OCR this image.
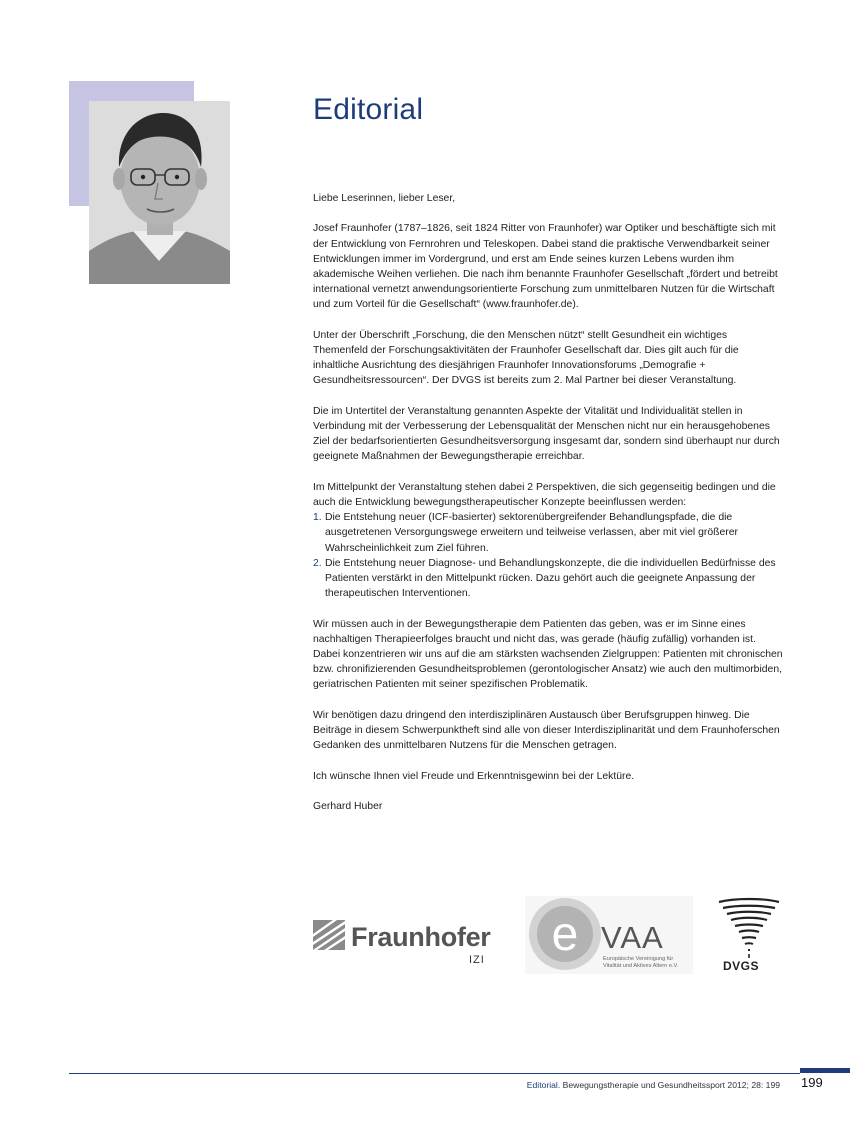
Editorial

Liebe Leserinnen, lieber Leser,

Josef Fraunhofer (1787–1826, seit 1824 Ritter von Fraunhofer) war Optiker und beschäftigte sich mit der Entwicklung von Fernrohren und Teleskopen. Dabei stand die praktische Verwendbarkeit seiner Entwicklungen immer im Vordergrund, und erst am Ende seines kurzen Lebens wurden ihm akademische Weihen verliehen. Die nach ihm benannte Fraunhofer Gesellschaft „fördert und betreibt international vernetzt anwendungsorientierte Forschung zum unmittelbaren Nutzen für die Wirtschaft und zum Vorteil für die Gesellschaft“ (www.fraunhofer.de).

Unter der Überschrift „Forschung, die den Menschen nützt“ stellt Gesundheit ein wichtiges Themenfeld der Forschungsaktivitäten der Fraunhofer Gesellschaft dar. Dies gilt auch für die inhaltliche Ausrichtung des diesjährigen Fraunhofer Innovationsforums „Demografie + Gesundheitsressourcen“. Der DVGS ist bereits zum 2. Mal Partner bei dieser Veranstaltung.

Die im Untertitel der Veranstaltung genannten Aspekte der Vitalität und Individualität stellen in Verbindung mit der Verbesserung der Lebensqualität der Menschen nicht nur ein herausgehobenes Ziel der bedarfsorientierten Gesundheitsversorgung insgesamt dar, sondern sind überhaupt nur durch geeignete Maßnahmen der Bewegungstherapie erreichbar.

Im Mittelpunkt der Veranstaltung stehen dabei 2 Perspektiven, die sich gegenseitig bedingen und die auch die Entwicklung bewegungstherapeutischer Konzepte beeinflussen werden:

1. Die Entstehung neuer (ICF-basierter) sektorenübergreifender Behandlungspfade, die die ausgetretenen Versorgungswege erweitern und teilweise verlassen, aber mit viel größerer Wahrscheinlichkeit zum Ziel führen.
2. Die Entstehung neuer Diagnose- und Behandlungskonzepte, die die individuellen Bedürfnisse des Patienten verstärkt in den Mittelpunkt rücken. Dazu gehört auch die geeignete Anpassung der therapeutischen Interventionen.

Wir müssen auch in der Bewegungstherapie dem Patienten das geben, was er im Sinne eines nachhaltigen Therapieerfolges braucht und nicht das, was gerade (häufig zufällig) vorhanden ist. Dabei konzentrieren wir uns auf die am stärksten wachsenden Zielgruppen: Patienten mit chronischen bzw. chronifizierenden Gesundheitsproblemen (gerontologischer Ansatz) wie auch den multimorbiden, geriatrischen Patienten mit seiner spezifischen Problematik.

Wir benötigen dazu dringend den interdisziplinären Austausch über Berufsgruppen hinweg. Die Beiträge in diesem Schwerpunktheft sind alle von dieser Interdisziplinarität und dem Fraunhoferschen Gedanken des unmittelbaren Nutzens für die Menschen getragen.

Ich wünsche Ihnen viel Freude und Erkenntnisgewinn bei der Lektüre.

Gerhard Huber

Fraunhofer
IZI e VAA
Europäische Vereinigung für Vitalität und Aktives Altern e.V.	DVGS
Editorial. Bewegungstherapie und Gesundheitssport 2012; 28: 199 199
